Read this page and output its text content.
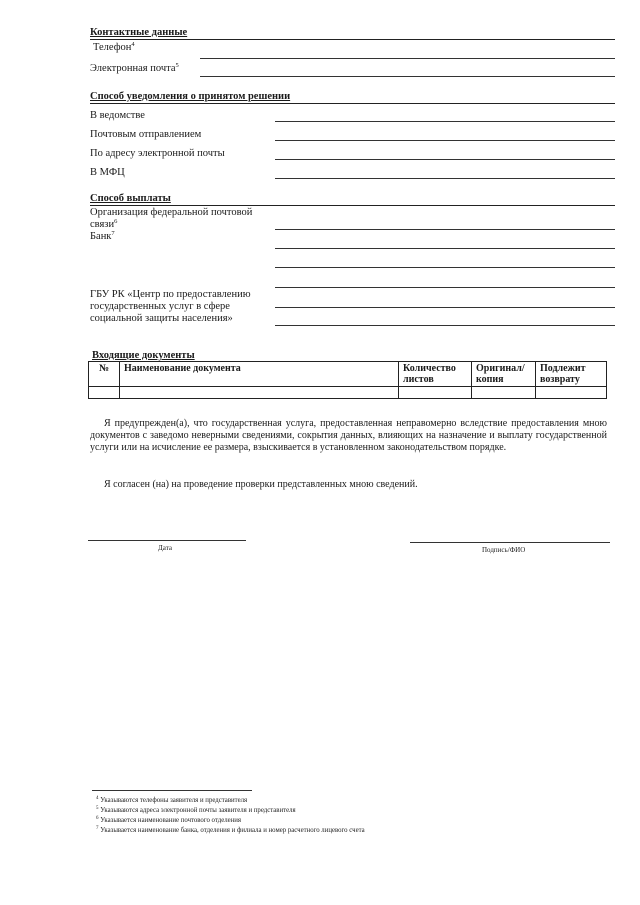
Контактные данные
Телефон$^4$
Электронная почта$^5$
Способ уведомления о принятом решении
В ведомстве
Почтовым отправлением
По адресу электронной почты
В МФЦ
Способ выплаты
Организация федеральной почтовой
связи$^6$
Банк$^7$
ГБУ РК «Центр по предоставлению
государственных услуг в сфере
социальной защиты населения»
Входящие документы
№	Наименование документа	Количество листов	Оригинал/ копия	Подлежит возврату

Я предупрежден(а), что государственная услуга, предоставленная неправомерно вследствие предоставления мною документов с заведомо неверными сведениями, сокрытия данных, влияющих на назначение и выплату государственной услуги или на исчисление ее размера, взыскивается в установленном законодательством порядке.
Я согласен (на) на проведение проверки представленных мною сведений.
Дата	Подпись/ФИО
$^4$ Указываются телефоны заявителя и представителя
$^5$ Указываются адреса электронной почты заявителя и представителя
$^6$ Указывается наименование почтового отделения
$^7$ Указывается наименование банка, отделения и филиала и номер расчетного лицевого счета
